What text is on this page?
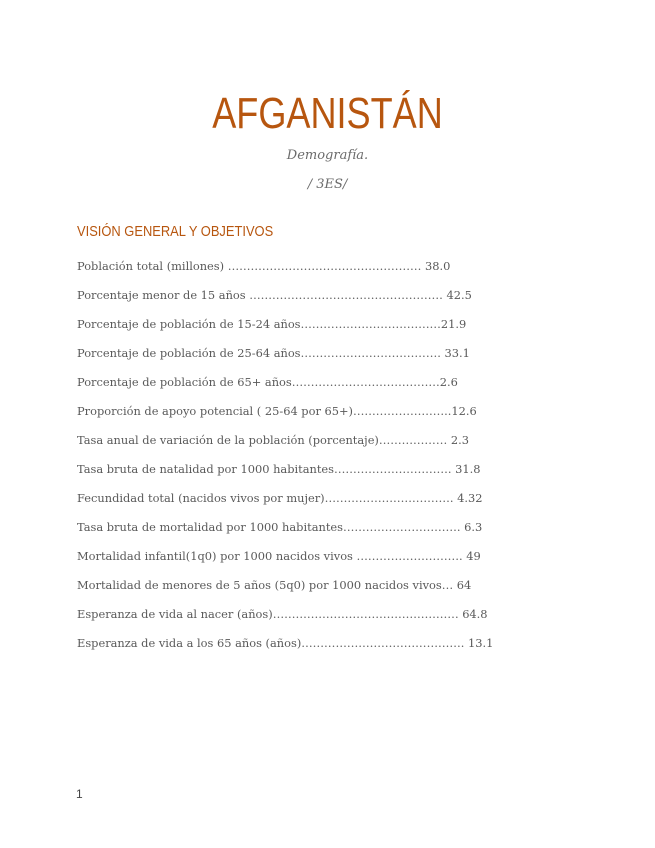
AFGANISTÁN

Demografía.

/ 3ES/

VISIÓN GENERAL Y OBJETIVOS
Población total (millones) …………………………………………… 38.0
Porcentaje menor de 15 años …………………………………………… 42.5
Porcentaje de población de 15-24 años…………………………….…21.9
Porcentaje de población de 25-64 años………………………………. 33.1
Porcentaje de población de 65+ años…………………………………2.6
Proporción de apoyo potencial ( 25-64 por 65+)……………………..12.6
Tasa anual de variación de la población (porcentaje)……………… 2.3
Tasa bruta de natalidad por 1000 habitantes…………………………. 31.8
Fecundidad total (nacidos vivos por mujer)……………………………. 4.32
Tasa bruta de mortalidad por 1000 habitantes…………………………. 6.3
Mortalidad infantil(1q0) por 1000 nacidos vivos ………………………. 49
Mortalidad de menores de 5 años (5q0) por 1000 nacidos vivos… 64
Esperanza de vida al nacer (años)…………………………………………. 64.8
Esperanza de vida a los 65 años (años)……………………………………. 13.1

1
